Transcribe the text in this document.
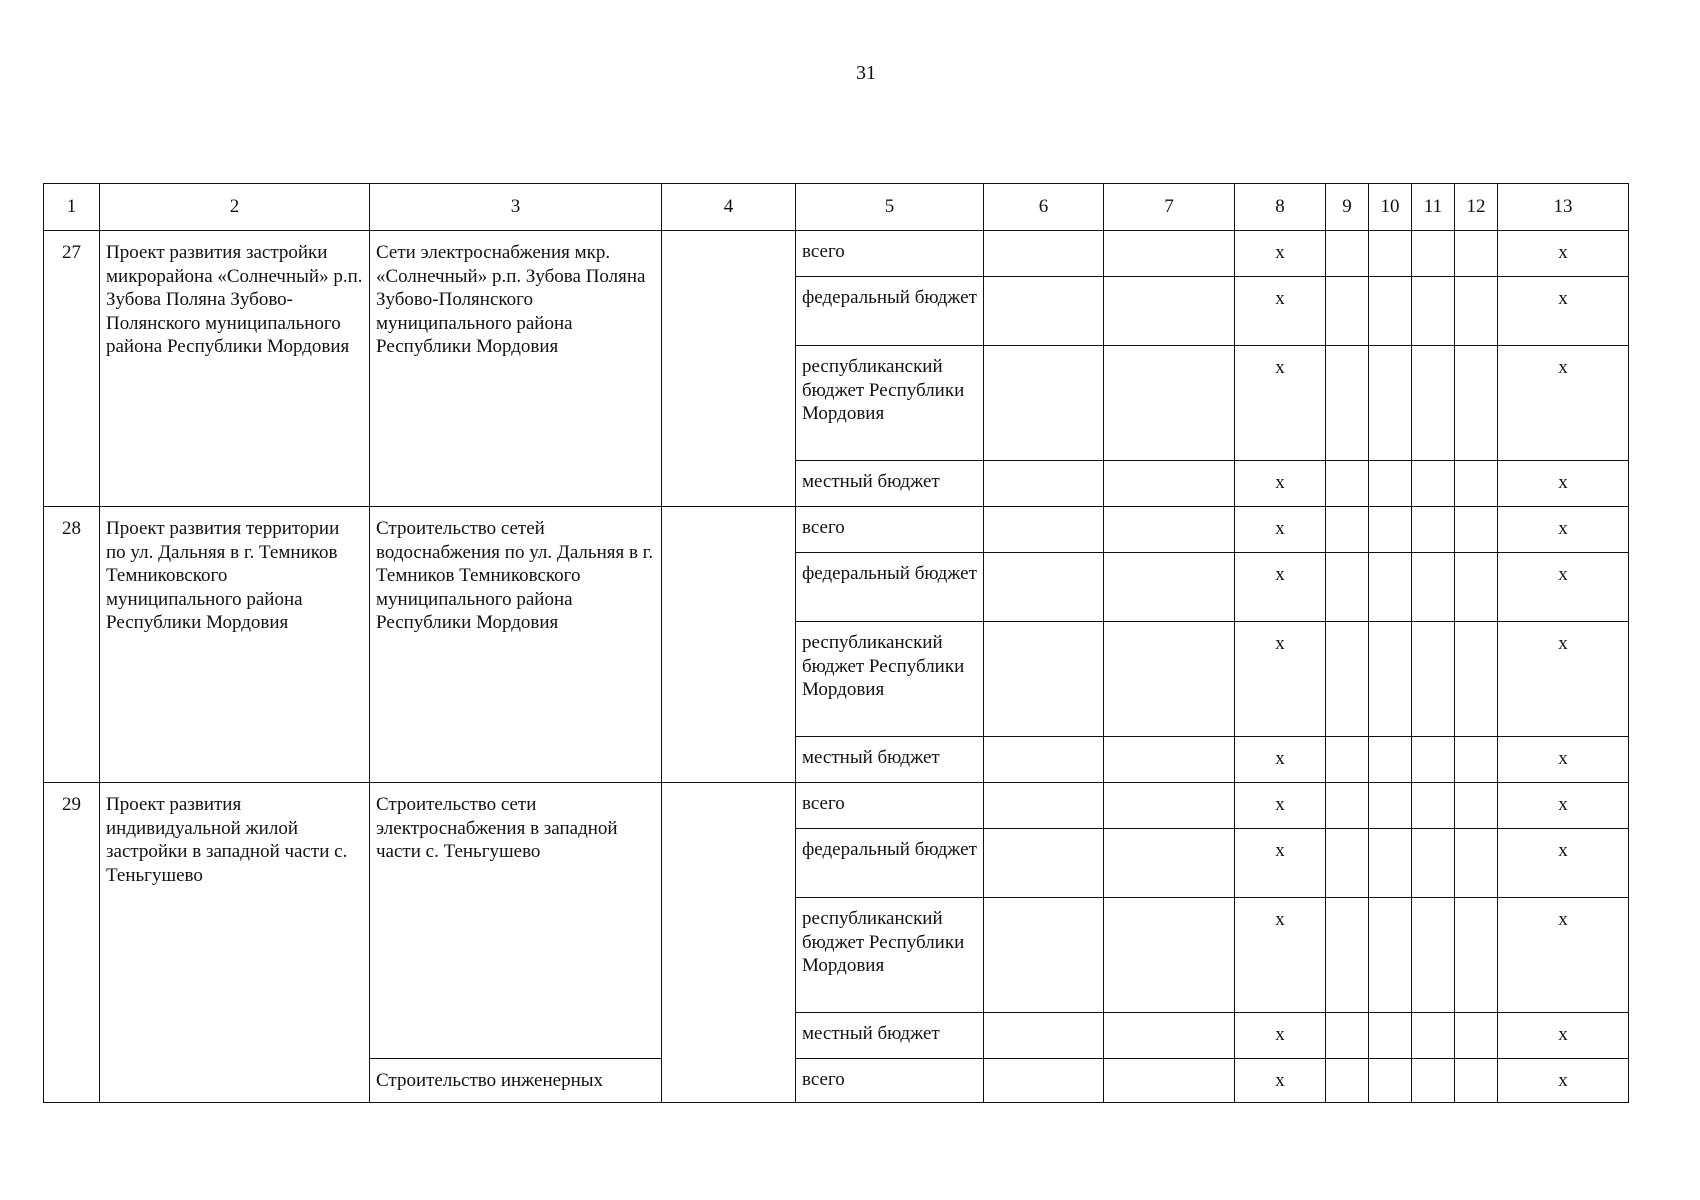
31
1	2	3	4	5	6	7	8	9	10	11	12	13
27	Проект развития застройки микрорайона «Солнечный» р.п. Зубова Поляна Зубово-Полянского муниципального района Республики Мордовия	Сети электроснабжения мкр. «Солнечный» р.п. Зубова Поляна Зубово-Полянского муниципального района Республики Мордовия		всего			х					х
				федеральный бюджет			х					х
				республиканский бюджет Республики Мордовия			х					х
				местный бюджет			х					х
28	Проект развития территории по ул. Дальняя в г. Темников Темниковского муниципального района Республики Мордовия	Строительство сетей водоснабжения по ул. Дальняя в г. Темников Темниковского муниципального района Республики Мордовия		всего			х					х
				федеральный бюджет			х					х
				республиканский бюджет Республики Мордовия			х					х
				местный бюджет			х					х
29	Проект развития индивидуальной жилой застройки в западной части с. Теньгушево	Строительство сети электроснабжения в западной части с. Теньгушево		всего			х					х
				федеральный бюджет			х					х
				республиканский бюджет Республики Мордовия			х					х
				местный бюджет			х					х
		Строительство инженерных		всего			х					х
